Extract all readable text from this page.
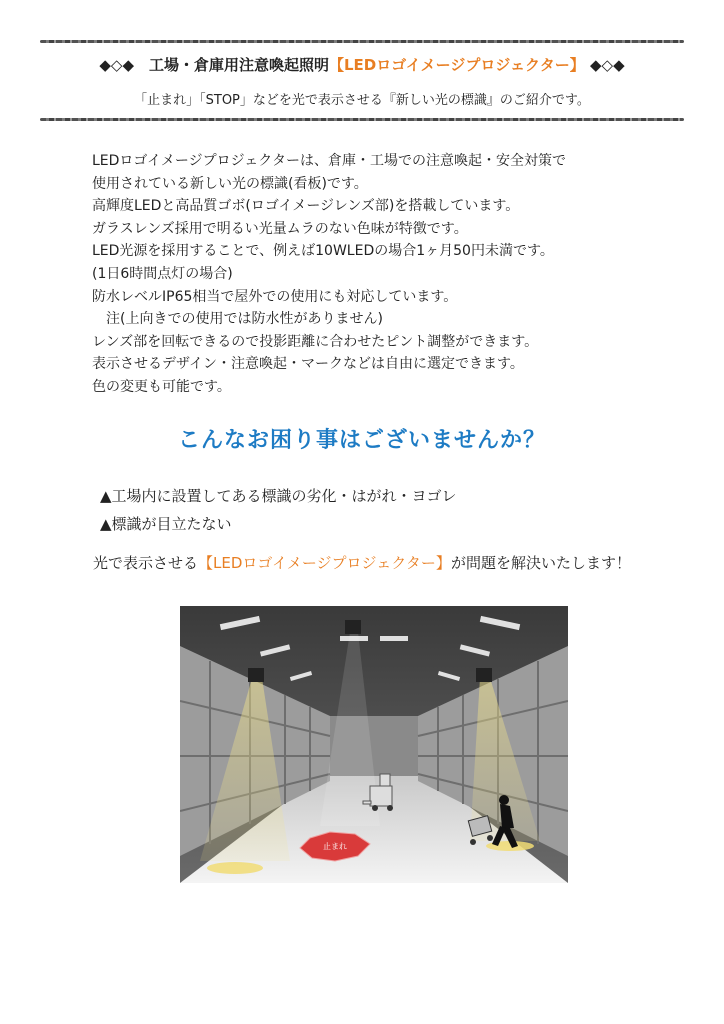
◆◇◆　工場・倉庫用注意喚起照明【LEDロゴイメージプロジェクター】 ◆◇◆
「止まれ」「STOP」などを光で表示させる『新しい光の標識』のご紹介です。
LEDロゴイメージプロジェクターは、倉庫・工場での注意喚起・安全対策で
使用されている新しい光の標識(看板)です。
高輝度LEDと高品質ゴボ(ロゴイメージレンズ部)を搭載しています。
ガラスレンズ採用で明るい光量ムラのない色味が特徴です。
LED光源を採用することで、例えば10WLEDの場合1ヶ月50円未満です。
(1日6時間点灯の場合)
防水レベルIP65相当で屋外での使用にも対応しています。
　注(上向きでの使用では防水性がありません)
レンズ部を回転できるので投影距離に合わせたピント調整ができます。
表示させるデザイン・注意喚起・マークなどは自由に選定できます。
色の変更も可能です。
こんなお困り事はございませんか？
▲工場内に設置してある標識の劣化・はがれ・ヨゴレ
▲標識が目立たない
光で表示させる【LEDロゴイメージプロジェクター】が問題を解決いたします！
止まれ
